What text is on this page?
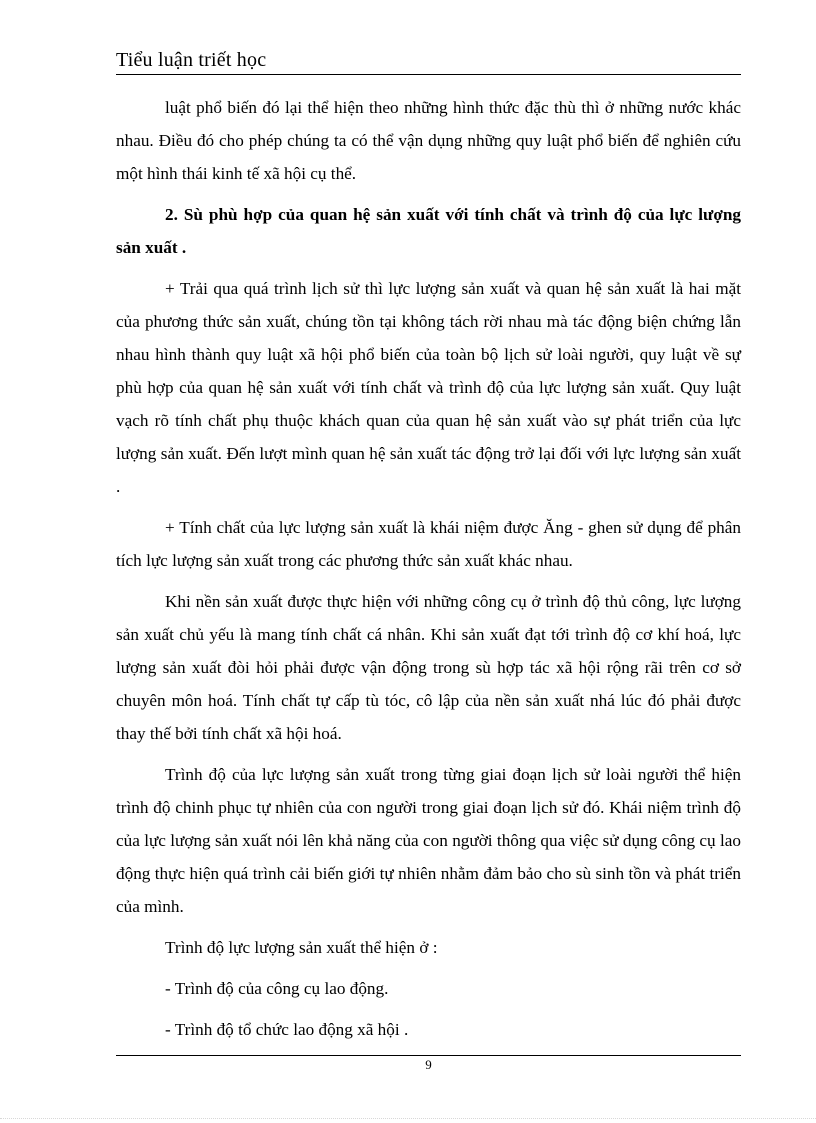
Tiểu luận triết học

luật phổ biến đó lại thể hiện theo những hình thức đặc thù thì ở những nước khác nhau. Điều đó cho phép chúng ta có thể vận dụng những quy luật phổ biến để nghiên cứu một hình thái kinh tế xã hội cụ thể.

2. Sù phù hợp của quan hệ sản xuất với tính chất và trình độ của lực lượng sản xuất .

+ Trải qua quá trình lịch sử thì lực lượng sản xuất và quan hệ sản xuất là hai mặt của phương thức sản xuất, chúng tồn tại không tách rời nhau mà tác động biện chứng lẫn nhau hình thành quy luật xã hội phổ biến của toàn bộ lịch sử loài người, quy luật về sự phù hợp của quan hệ sản xuất với tính chất và trình độ của lực lượng sản xuất. Quy luật vạch rõ tính chất phụ thuộc khách quan của quan hệ sản xuất vào sự phát triển của lực lượng sản xuất. Đến lượt mình quan hệ sản xuất tác động trở lại đối với lực lượng sản xuất .

+ Tính chất của lực lượng sản xuất là khái niệm được Ăng - ghen sử dụng để phân tích lực lượng sản xuất trong các phương thức sản xuất khác nhau.

Khi nền sản xuất được thực hiện với những công cụ ở trình độ thủ công, lực lượng sản xuất chủ yếu là mang tính chất cá nhân. Khi sản xuất đạt tới trình độ cơ khí hoá, lực lượng sản xuất đòi hỏi phải được vận động trong sù hợp tác xã hội rộng rãi trên cơ sở chuyên môn hoá. Tính chất tự cấp tù tóc, cô lập của nền sản xuất nhá lúc đó phải được thay thế bởi tính chất xã hội hoá.

Trình độ của lực lượng sản xuất trong từng giai đoạn lịch sử loài người thể hiện trình độ chinh phục tự nhiên của con người trong giai đoạn lịch sử đó. Khái niệm trình độ của lực lượng sản xuất nói lên khả năng của con người thông qua việc sử dụng công cụ lao động thực hiện quá trình cải biến giới tự nhiên nhằm đảm bảo cho sù sinh tồn và phát triển của mình.

Trình độ lực lượng sản xuất thể hiện ở :

- Trình độ của công cụ lao động.

- Trình độ tổ chức lao động xã hội .

9
